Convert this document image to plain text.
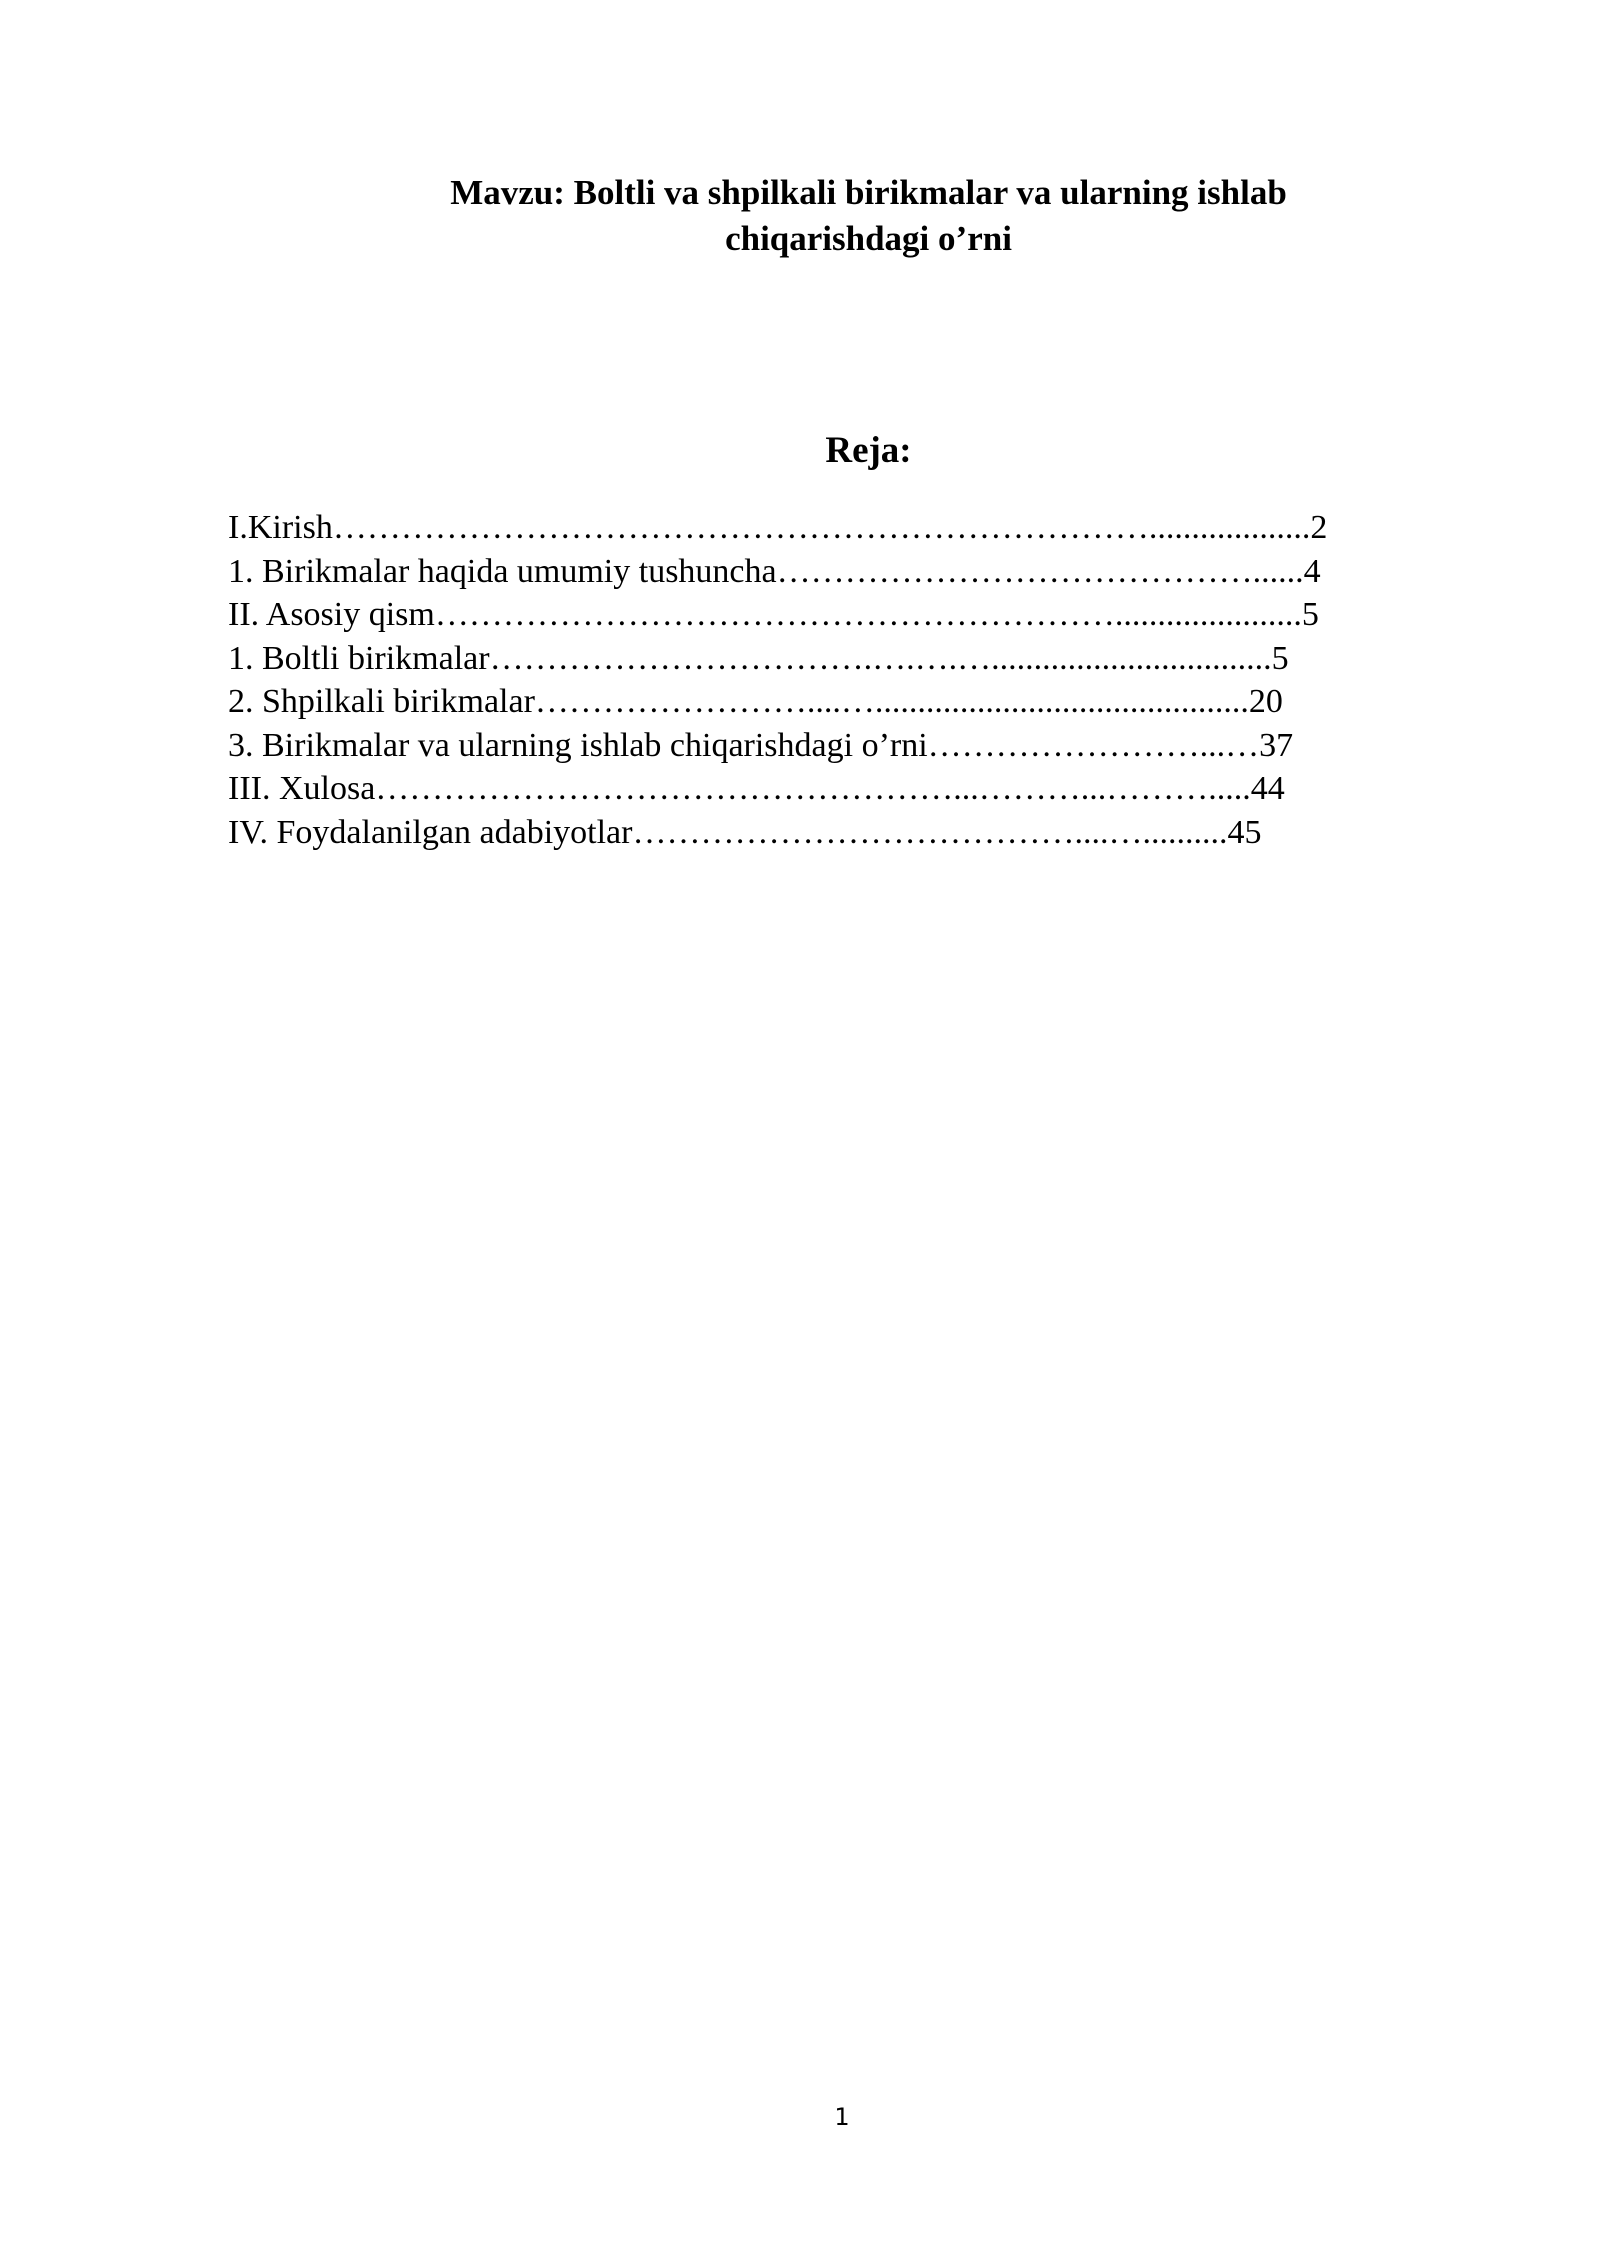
Mavzu: Boltli va shpilkali birikmalar va ularning ishlab
chiqarishdagi o’rni
Reja:
I.Kirish………………………………………………………………...................2
1. Birikmalar haqida umumiy tushuncha……………………………………......4
II. Asosiy qism……………………………………………………......................5
1. Boltli birikmalar…………………………….….….….................................5
2. Shpilkali birikmalar……………………....…............................................20
3. Birikmalar va ularning ishlab chiqarishdagi o’rni……………………...…37
III. Xulosa……………………………………………...………...……….....44
IV. Foydalanilgan adabiyotlar…………………………………....…..........45
1
